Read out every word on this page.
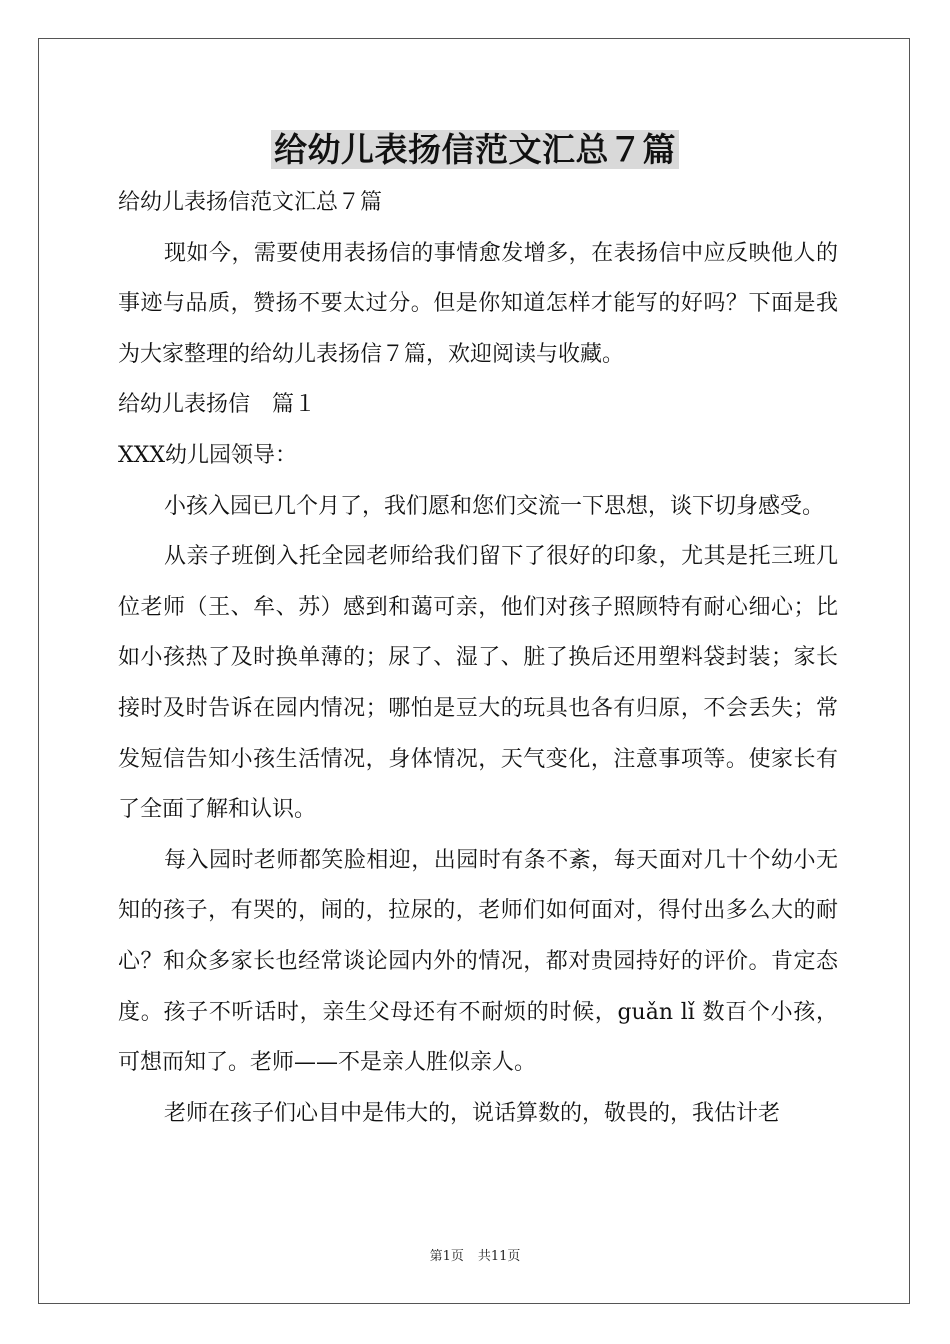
给幼儿表扬信范文汇总７篇

给幼儿表扬信范文汇总７篇

现如今，需要使用表扬信的事情愈发增多，在表扬信中应反映他人的事迹与品质，赞扬不要太过分。但是你知道怎样才能写的好吗？下面是我为大家整理的给幼儿表扬信７篇，欢迎阅读与收藏。

给幼儿表扬信　篇１

XXX幼儿园领导：

小孩入园已几个月了，我们愿和您们交流一下思想，谈下切身感受。

从亲子班倒入托全园老师给我们留下了很好的印象，尤其是托三班几位老师（王、牟、苏）感到和蔼可亲，他们对孩子照顾特有耐心细心；比如小孩热了及时换单薄的；尿了、湿了、脏了换后还用塑料袋封装；家长接时及时告诉在园内情况；哪怕是豆大的玩具也各有归原，不会丢失；常发短信告知小孩生活情况，身体情况，天气变化，注意事项等。使家长有了全面了解和认识。

每入园时老师都笑脸相迎，出园时有条不紊，每天面对几十个幼小无知的孩子，有哭的，闹的，拉尿的，老师们如何面对，得付出多么大的耐心？和众多家长也经常谈论园内外的情况，都对贵园持好的评价。肯定态度。孩子不听话时，亲生父母还有不耐烦的时候，guǎn lǐ 数百个小孩，可想而知了。老师——不是亲人胜似亲人。

老师在孩子们心目中是伟大的，说话算数的，敬畏的，我估计老

第1页 共11页
